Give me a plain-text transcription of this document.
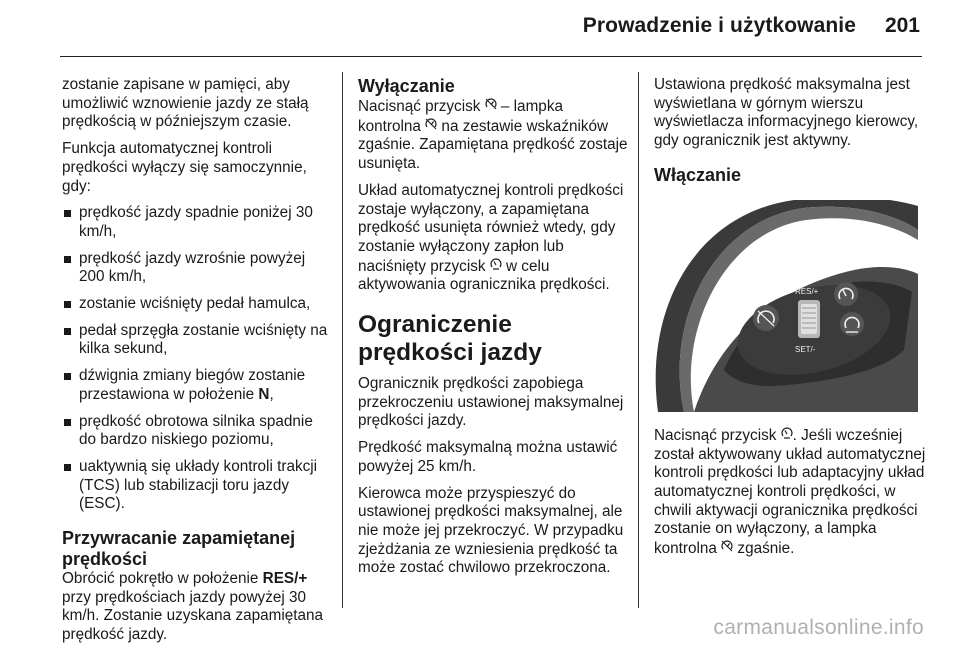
Prowadzenie i użytkowanie 201

zostanie zapisane w pamięci, aby umożliwić wznowienie jazdy ze stałą prędkością w późniejszym czasie.

Funkcja automatycznej kontroli prędkości wyłączy się samoczynnie, gdy:

prędkość jazdy spadnie poniżej 30 km/h,
prędkość jazdy wzrośnie powyżej 200 km/h,
zostanie wciśnięty pedał hamulca,
pedał sprzęgła zostanie wciśnięty na kilka sekund,
dźwignia zmiany biegów zostanie przestawiona w położenie N,
prędkość obrotowa silnika spadnie do bardzo niskiego poziomu,
uaktywnią się układy kontroli trakcji (TCS) lub stabilizacji toru jazdy (ESC).
Przywracanie zapamiętanej prędkości

Obrócić pokrętło w położenie RES/+ przy prędkościach jazdy powyżej 30 km/h. Zostanie uzyskana zapamiętana prędkość jazdy.

Wyłączanie

Nacisnąć przycisk  – lampka kontrolna  na zestawie wskaźników zgaśnie. Zapamiętana prędkość zostaje usunięta.

Układ automatycznej kontroli prędkości zostaje wyłączony, a zapamiętana prędkość usunięta również wtedy, gdy zostanie wyłączony zapłon lub naciśnięty przycisk  w celu aktywowania ogranicznika prędkości.

Ograniczenie prędkości jazdy

Ogranicznik prędkości zapobiega przekroczeniu ustawionej maksymalnej prędkości jazdy.

Prędkość maksymalną można ustawić powyżej 25 km/h.

Kierowca może przyspieszyć do ustawionej prędkości maksymalnej, ale nie może jej przekroczyć. W przypadku zjeżdżania ze wzniesienia prędkość ta może zostać chwilowo przekroczona.

Ustawiona prędkość maksymalna jest wyświetlana w górnym wierszu wyświetlacza informacyjnego kierowcy, gdy ogranicznik jest aktywny.

Włączanie
RES/+
SET/-

Nacisnąć przycisk . Jeśli wcześniej został aktywowany układ automatycznej kontroli prędkości lub adaptacyjny układ automatycznej kontroli prędkości, w chwili aktywacji ogranicznika prędkości zostanie on wyłączony, a lampka kontrolna  zgaśnie.

carmanualsonline.info
